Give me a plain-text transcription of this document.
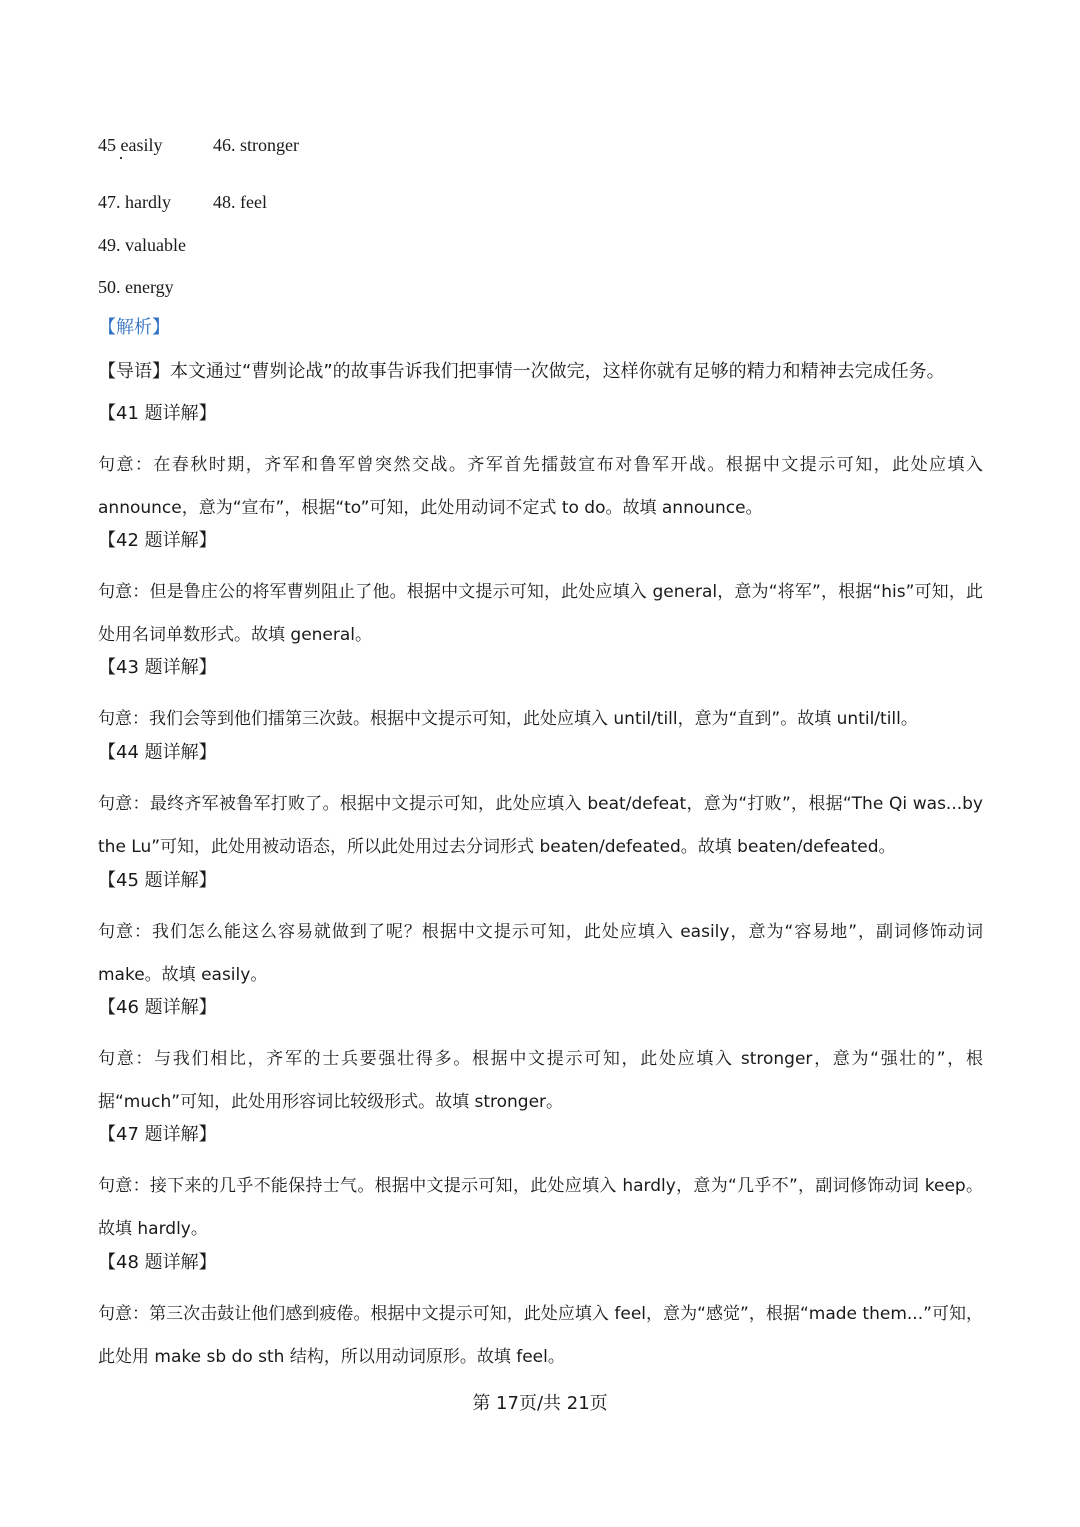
45 easily	46. stronger
47. hardly 48. feel
49. valuable
50. energy
【解析】
【导语】本文通过“曹刿论战”的故事告诉我们把事情一次做完，这样你就有足够的精力和精神去完成任务。
【41 题详解】
句意：在春秋时期，齐军和鲁军曾突然交战。齐军首先擂鼓宣布对鲁军开战。根据中文提示可知，此处应填入 announce，意为“宣布”，根据“to”可知，此处用动词不定式 to do。故填 announce。
【42 题详解】
句意：但是鲁庄公的将军曹刿阻止了他。根据中文提示可知，此处应填入 general，意为“将军”，根据“his”可知，此处用名词单数形式。故填 general。
【43 题详解】
句意：我们会等到他们擂第三次鼓。根据中文提示可知，此处应填入 until/till，意为“直到”。故填 until/till。
【44 题详解】
句意：最终齐军被鲁军打败了。根据中文提示可知，此处应填入 beat/defeat，意为“打败”，根据“The Qi was...by the Lu”可知，此处用被动语态，所以此处用过去分词形式 beaten/defeated。故填 beaten/defeated。
【45 题详解】
句意：我们怎么能这么容易就做到了呢？根据中文提示可知，此处应填入 easily，意为“容易地”，副词修饰动词 make。故填 easily。
【46 题详解】
句意：与我们相比，齐军的士兵要强壮得多。根据中文提示可知，此处应填入 stronger，意为“强壮的”，根据“much”可知，此处用形容词比较级形式。故填 stronger。
【47 题详解】
句意：接下来的几乎不能保持士气。根据中文提示可知，此处应填入 hardly，意为“几乎不”，副词修饰动词 keep。故填 hardly。
【48 题详解】
句意：第三次击鼓让他们感到疲倦。根据中文提示可知，此处应填入 feel，意为“感觉”，根据“made them...”可知，此处用 make sb do sth 结构，所以用动词原形。故填 feel。
第 17页/共 21页
